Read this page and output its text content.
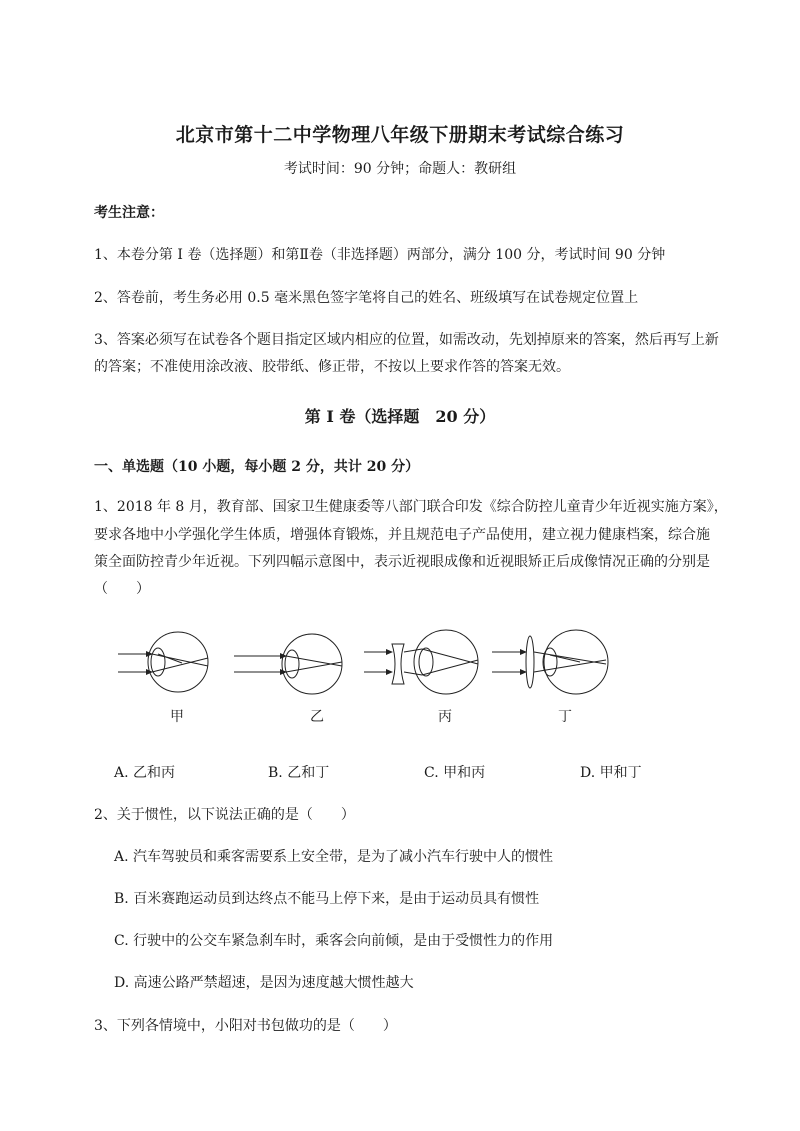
北京市第十二中学物理八年级下册期末考试综合练习
考试时间：90 分钟；命题人：教研组
考生注意：
1、本卷分第 I 卷（选择题）和第Ⅱ卷（非选择题）两部分，满分 100 分，考试时间 90 分钟
2、答卷前，考生务必用 0.5 毫米黑色签字笔将自己的姓名、班级填写在试卷规定位置上
3、答案必须写在试卷各个题目指定区域内相应的位置，如需改动，先划掉原来的答案，然后再写上新
的答案；不准使用涂改液、胶带纸、修正带，不按以上要求作答的答案无效。
第 I 卷（选择题　20 分）
一、单选题（10 小题，每小题 2 分，共计 20 分）
1、2018 年 8 月，教育部、国家卫生健康委等八部门联合印发《综合防控儿童青少年近视实施方案》，
要求各地中小学强化学生体质，增强体育锻炼，并且规范电子产品使用，建立视力健康档案，综合施
策全面防控青少年近视。下列四幅示意图中，表示近视眼成像和近视眼矫正后成像情况正确的分别是
（　　）
甲	乙	丙	丁
A. 乙和丙	B. 乙和丁	C. 甲和丙	D. 甲和丁
2、关于惯性，以下说法正确的是（　　）
A. 汽车驾驶员和乘客需要系上安全带，是为了减小汽车行驶中人的惯性
B. 百米赛跑运动员到达终点不能马上停下来，是由于运动员具有惯性
C. 行驶中的公交车紧急刹车时，乘客会向前倾，是由于受惯性力的作用
D. 高速公路严禁超速，是因为速度越大惯性越大
3、下列各情境中，小阳对书包做功的是（　　）
